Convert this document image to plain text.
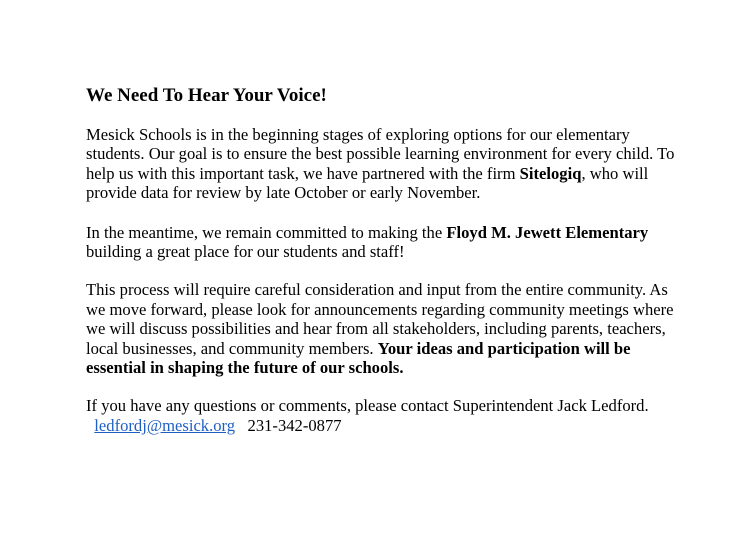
We Need To Hear Your Voice!

Mesick Schools is in the beginning stages of exploring options for our elementary students. Our goal is to ensure the best possible learning environment for every child. To help us with this important task, we have partnered with the firm Sitelogiq, who will provide data for review by late October or early November.

In the meantime, we remain committed to making the Floyd M. Jewett Elementary building a great place for our students and staff!

This process will require careful consideration and input from the entire community. As we move forward, please look for announcements regarding community meetings where we will discuss possibilities and hear from all stakeholders, including parents, teachers, local businesses, and community members. Your ideas and participation will be essential in shaping the future of our schools.

If you have any questions or comments, please contact Superintendent Jack Ledford.  ledfordj@mesick.org 231-342-0877
